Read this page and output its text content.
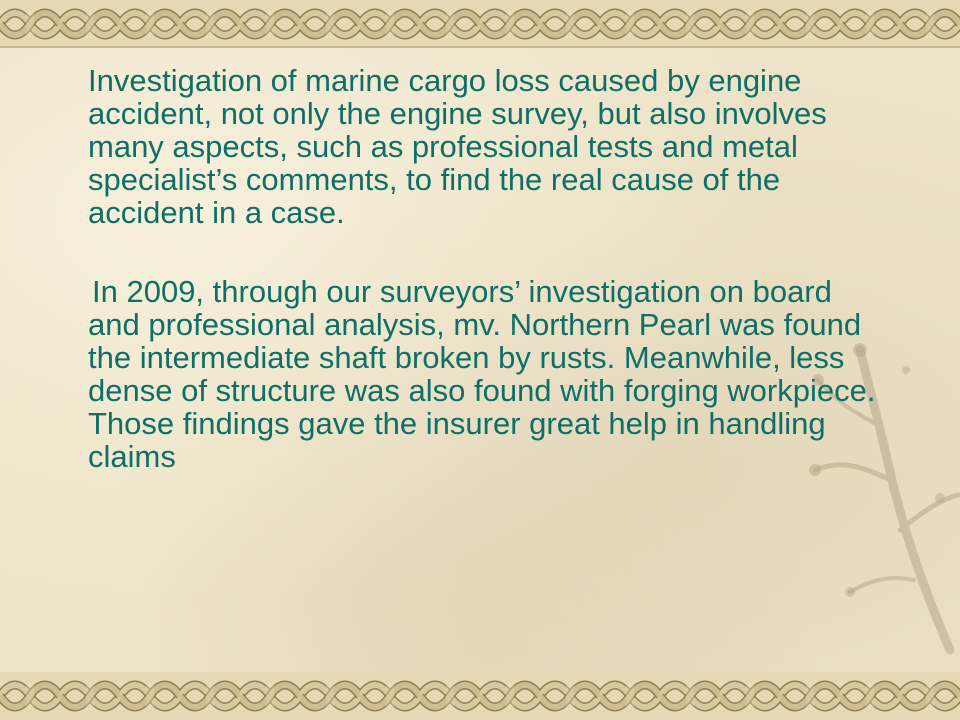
Investigation of marine cargo loss caused by engine accident, not only the engine survey, but also involves many aspects, such as professional tests and metal specialist’s comments, to find the real cause of the accident in a case.

In 2009, through our surveyors’ investigation on board and professional analysis, mv. Northern Pearl was found the intermediate shaft broken by rusts. Meanwhile, less dense of structure was also found with forging workpiece. Those findings gave the insurer great help in handling claims
